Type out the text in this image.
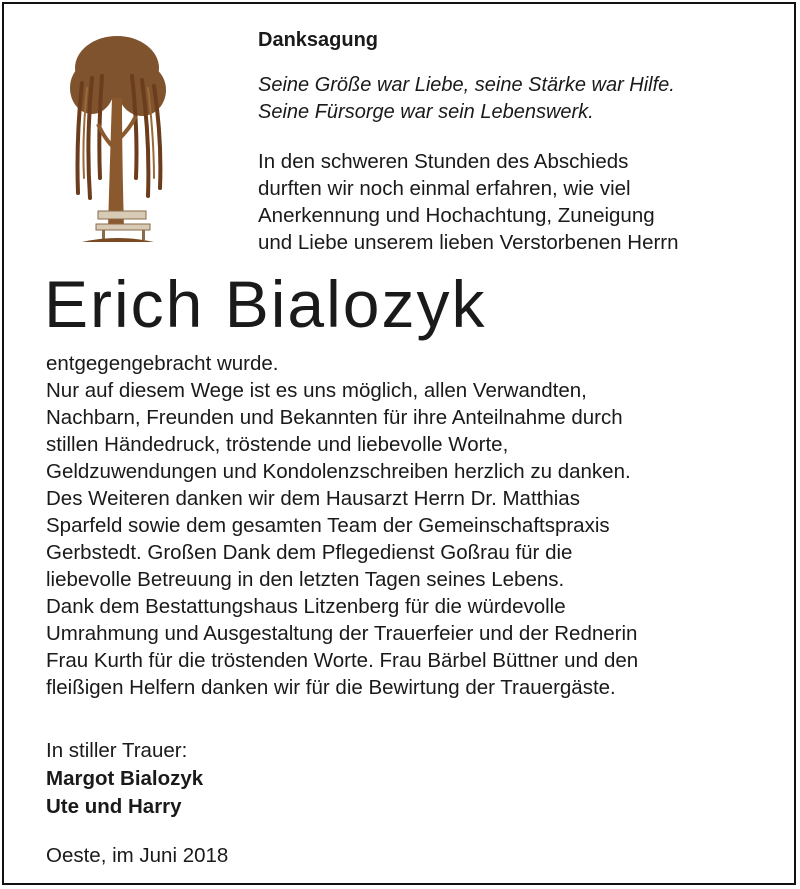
Danksagung
Seine Größe war Liebe, seine Stärke war Hilfe.
Seine Fürsorge war sein Lebenswerk.
In den schweren Stunden des Abschieds
durften wir noch einmal erfahren, wie viel
Anerkennung und Hochachtung, Zuneigung
und Liebe unserem lieben Verstorbenen Herrn
Erich Bialozyk
entgegengebracht wurde.
Nur auf diesem Wege ist es uns möglich, allen Verwandten,
Nachbarn, Freunden und Bekannten für ihre Anteilnahme durch
stillen Händedruck, tröstende und liebevolle Worte,
Geldzuwendungen und Kondolenzschreiben herzlich zu danken.
Des Weiteren danken wir dem Hausarzt Herrn Dr. Matthias
Sparfeld sowie dem gesamten Team der Gemeinschaftspraxis
Gerbstedt. Großen Dank dem Pflegedienst Goßrau für die
liebevolle Betreuung in den letzten Tagen seines Lebens.
Dank dem Bestattungshaus Litzenberg für die würdevolle
Umrahmung und Ausgestaltung der Trauerfeier und der Rednerin
Frau Kurth für die tröstenden Worte. Frau Bärbel Büttner und den
fleißigen Helfern danken wir für die Bewirtung der Trauergäste.
In stiller Trauer:
Margot Bialozyk
Ute und Harry
Oeste, im Juni 2018
